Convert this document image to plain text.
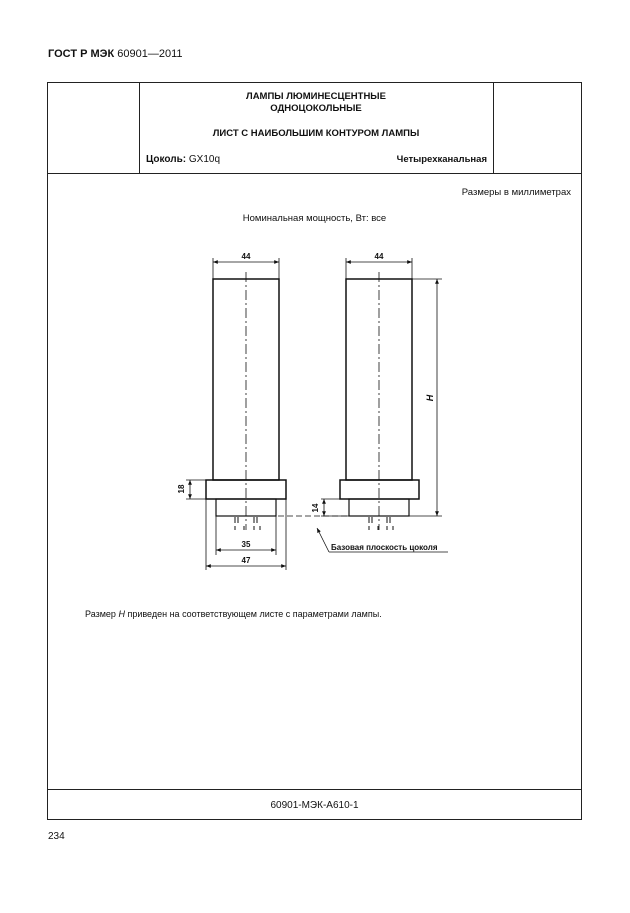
ГОСТ Р МЭК 60901—2011
ЛАМПЫ ЛЮМИНЕСЦЕНТНЫЕ
ОДНОЦОКОЛЬНЫЕ
ЛИСТ С НАИБОЛЬШИМ КОНТУРОМ ЛАМПЫ
Цоколь: GX10q	Четырехканальная
Размеры в миллиметрах
Номинальная мощность, Вт: все
Размер H приведен на соответствующем листе с параметрами лампы.
60901-МЭК-А610-1
44	44
35
47
18
14
H
Базовая плоскость цоколя
234
